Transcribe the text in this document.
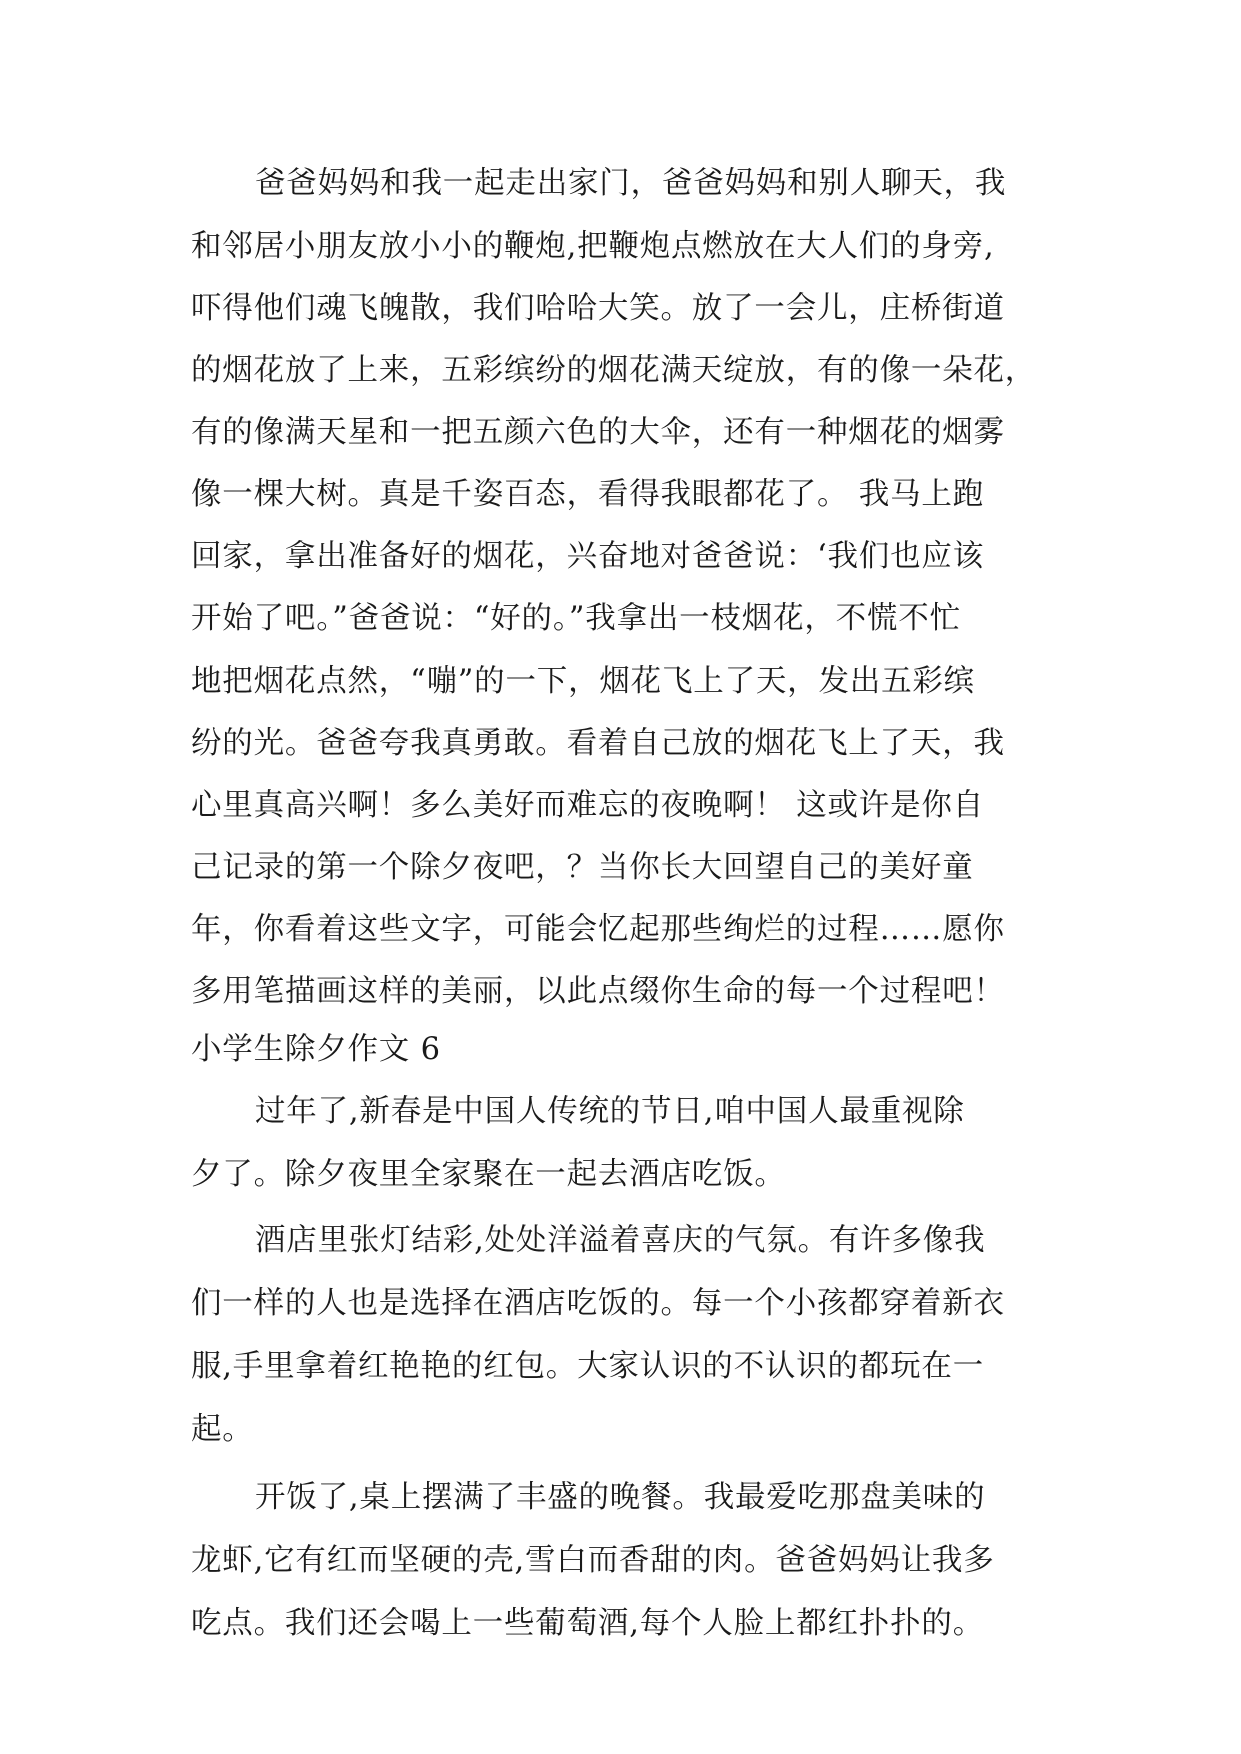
爸爸妈妈和我一起走出家门，爸爸妈妈和别人聊天，我
和邻居小朋友放小小的鞭炮,把鞭炮点燃放在大人们的身旁,
吓得他们魂飞魄散，我们哈哈大笑。放了一会儿，庄桥街道
的烟花放了上来，五彩缤纷的烟花满天绽放，有的像一朵花，
有的像满天星和一把五颜六色的大伞，还有一种烟花的烟雾
像一棵大树。真是千姿百态，看得我眼都花了。 我马上跑
回家，拿出准备好的烟花，兴奋地对爸爸说：‘我们也应该
开始了吧。”爸爸说：“好的。”我拿出一枝烟花，不慌不忙
地把烟花点然，“嘣”的一下，烟花飞上了天，发出五彩缤
纷的光。爸爸夸我真勇敢。看着自己放的烟花飞上了天，我
心里真高兴啊！多么美好而难忘的夜晚啊！ 这或许是你自
己记录的第一个除夕夜吧，？当你长大回望自己的美好童
年，你看着这些文字，可能会忆起那些绚烂的过程……愿你
多用笔描画这样的美丽，以此点缀你生命的每一个过程吧！
小学生除夕作文 6
过年了,新春是中国人传统的节日,咱中国人最重视除
夕了。除夕夜里全家聚在一起去酒店吃饭。
酒店里张灯结彩,处处洋溢着喜庆的气氛。有许多像我
们一样的人也是选择在酒店吃饭的。每一个小孩都穿着新衣
服,手里拿着红艳艳的红包。大家认识的不认识的都玩在一
起。
开饭了,桌上摆满了丰盛的晚餐。我最爱吃那盘美味的
龙虾,它有红而坚硬的壳,雪白而香甜的肉。爸爸妈妈让我多
吃点。我们还会喝上一些葡萄酒,每个人脸上都红扑扑的。
